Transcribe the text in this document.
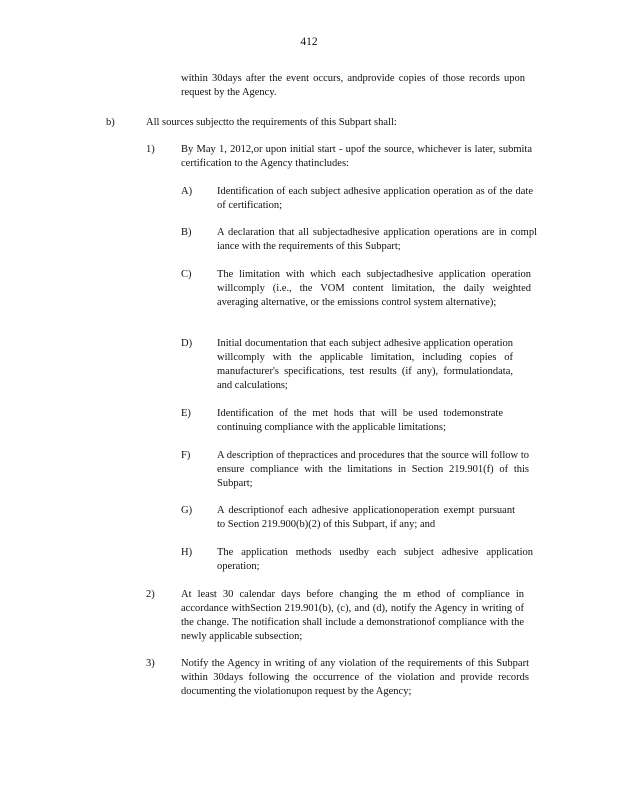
412
within 30days after the event occurs, andprovide copies of those records upon request by the Agency.
b)	All sources subjectto the requirements of this Subpart shall:
1)	By May 1, 2012,or upon initial start - upof the source, whichever is later, submita certification to the Agency thatincludes:
A) Identification of each subject adhesive application operation as of the date of certification;
B) A declaration that all subjectadhesive application operations are in compl iance with the requirements of this Subpart;
C) The limitation with which each subjectadhesive application operation willcomply (i.e., the VOM content limitation, the daily weighted averaging alternative, or the emissions control system alternative);
D) Initial documentation that each subject adhesive application operation willcomply with the applicable limitation, including copies of manufacturer's specifications, test results (if any), formulationdata, and calculations;
E) Identification of the met hods that will be used todemonstrate continuing compliance with the applicable limitations;
F)	A description of thepractices and procedures that the source will follow to ensure compliance with the limitations in Section 219.901(f) of this Subpart;
G) A descriptionof each adhesive applicationoperation exempt pursuant to Section 219.900(b)(2) of this Subpart, if any; and
H) The application methods usedby each subject adhesive application operation;
2)	At least 30 calendar days before changing the m ethod of compliance in accordance withSection 219.901(b), (c), and (d), notify the Agency in writing of the change. The notification shall include a demonstrationof compliance with the newly applicable subsection;
3)	Notify the Agency in writing of any violation of the requirements of this Subpart within 30days following the occurrence of the violation and provide records documenting the violationupon request by the Agency;
